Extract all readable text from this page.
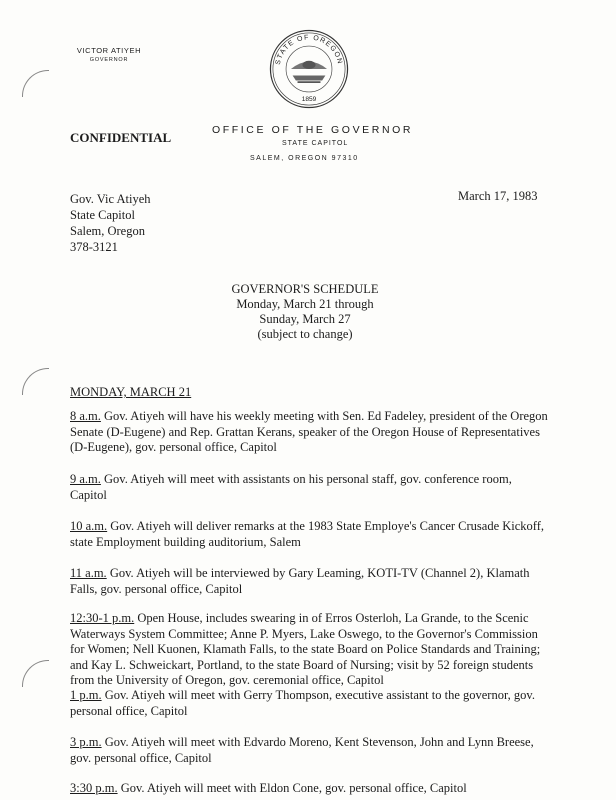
VICTOR ATIYEH
GOVERNOR	STATE OF OREGON
1859
CONFIDENTIAL	OFFICE OF THE GOVERNOR
STATE CAPITOL
SALEM, OREGON 97310
Gov. Vic Atiyeh
State Capitol
Salem, Oregon
378-3121
March 17, 1983
GOVERNOR'S SCHEDULE
Monday, March 21 through
Sunday, March 27
(subject to change)
MONDAY, MARCH 21
8 a.m. Gov. Atiyeh will have his weekly meeting with Sen. Ed Fadeley, president of the Oregon Senate (D-Eugene) and Rep. Grattan Kerans, speaker of the Oregon House of Representatives (D-Eugene), gov. personal office, Capitol
9 a.m. Gov. Atiyeh will meet with assistants on his personal staff, gov. conference room, Capitol
10 a.m. Gov. Atiyeh will deliver remarks at the 1983 State Employe's Cancer Crusade Kickoff, state Employment building auditorium, Salem
11 a.m. Gov. Atiyeh will be interviewed by Gary Leaming, KOTI-TV (Channel 2), Klamath Falls, gov. personal office, Capitol
12:30-1 p.m. Open House, includes swearing in of Erros Osterloh, La Grande, to the Scenic Waterways System Committee; Anne P. Myers, Lake Oswego, to the Governor's Commission for Women; Nell Kuonen, Klamath Falls, to the state Board on Police Standards and Training; and Kay L. Schweickart, Portland, to the state Board of Nursing; visit by 52 foreign students from the University of Oregon, gov. ceremonial office, Capitol
1 p.m. Gov. Atiyeh will meet with Gerry Thompson, executive assistant to the governor, gov. personal office, Capitol
3 p.m. Gov. Atiyeh will meet with Edvardo Moreno, Kent Stevenson, John and Lynn Breese, gov. personal office, Capitol
3:30 p.m. Gov. Atiyeh will meet with Eldon Cone, gov. personal office, Capitol
